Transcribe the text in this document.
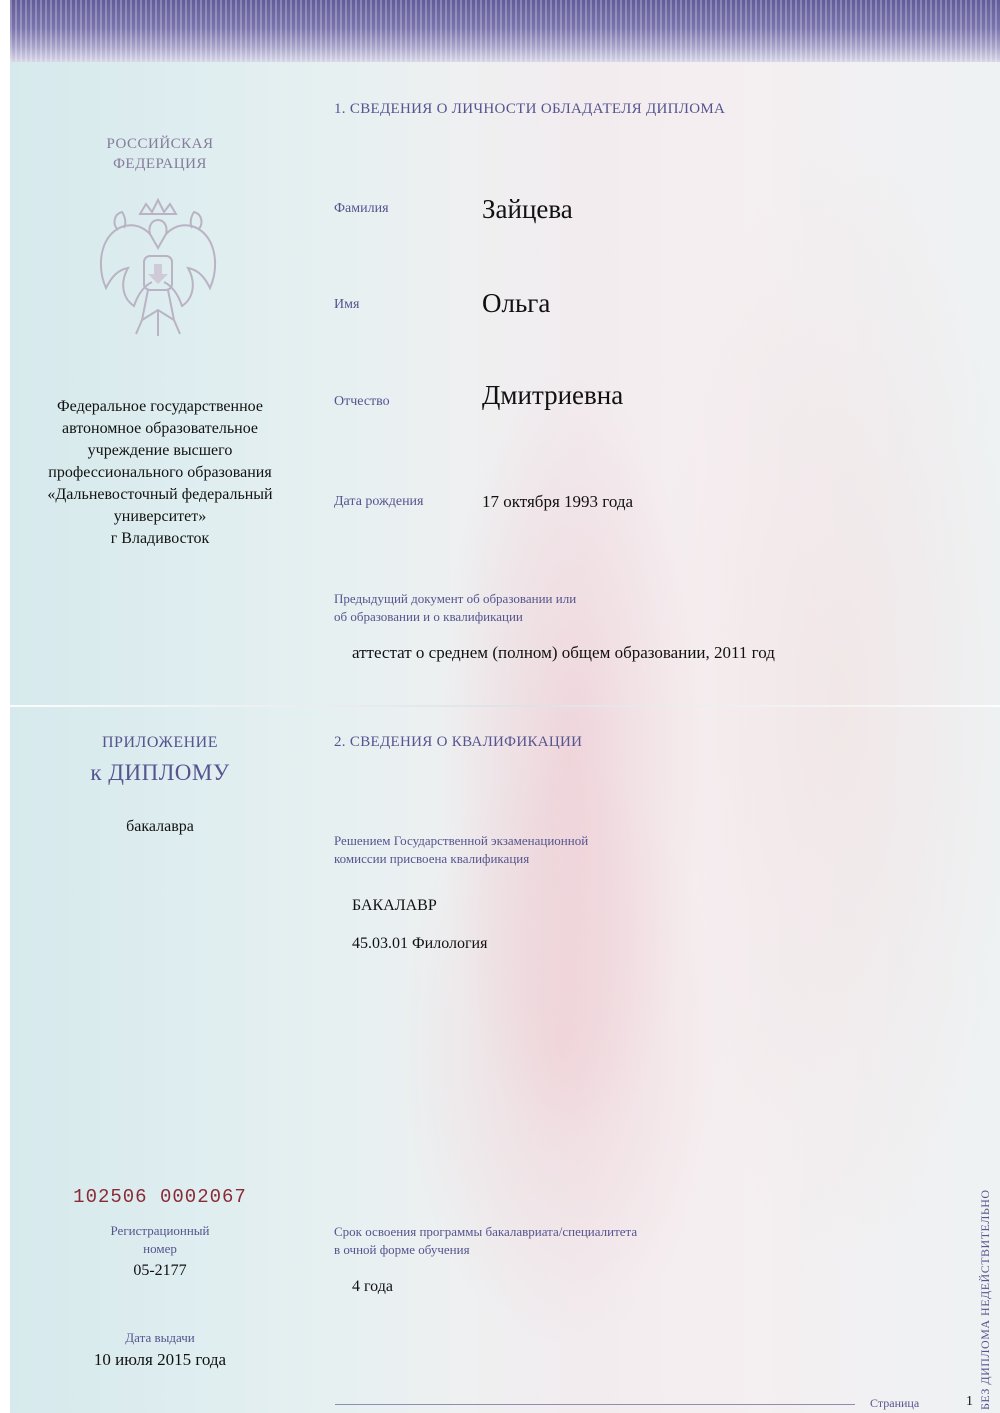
РОССИЙСКАЯ
ФЕДЕРАЦИЯ
Федеральное государственное
автономное образовательное
учреждение высшего
профессионального образования
«Дальневосточный федеральный
университет»
г Владивосток
ПРИЛОЖЕНИЕ
к ДИПЛОМУ
бакалавра
102506 0002067
Регистрационный
номер
05-2177
Дата выдачи
10 июля 2015 года
1. СВЕДЕНИЯ О ЛИЧНОСТИ ОБЛАДАТЕЛЯ ДИПЛОМА
Фамилия	Зайцева
Имя	Ольга
Отчество	Дмитриевна
Дата рождения	17 октября 1993 года
Предыдущий документ об образовании или
об образовании и о квалификации
аттестат о среднем (полном) общем образовании, 2011 год
2. СВЕДЕНИЯ О КВАЛИФИКАЦИИ
Решением Государственной экзаменационной
комиссии присвоена квалификация
БАКАЛАВР
45.03.01 Филология
Срок освоения программы бакалавриата/специалитета
в очной форме обучения
4 года
Страница	1 БЕЗ ДИПЛОМА НЕДЕЙСТВИТЕЛЬНО
